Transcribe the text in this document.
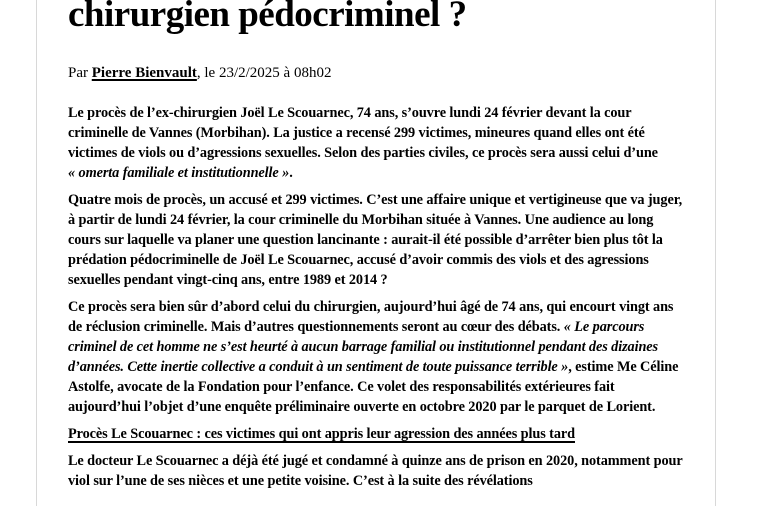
chirurgien pédocriminel ?
Par Pierre Bienvault, le 23/2/2025 à 08h02

Le procès de l’ex-chirurgien Joël Le Scouarnec, 74 ans, s’ouvre lundi 24 février devant la cour criminelle de Vannes (Morbihan). La justice a recensé 299 victimes, mineures quand elles ont été victimes de viols ou d’agressions sexuelles. Selon des parties civiles, ce procès sera aussi celui d’une « omerta familiale et institutionnelle ».

Quatre mois de procès, un accusé et 299 victimes. C’est une affaire unique et vertigineuse que va juger, à partir de lundi 24 février, la cour criminelle du Morbihan située à Vannes. Une audience au long cours sur laquelle va planer une question lancinante : aurait-il été possible d’arrêter bien plus tôt la prédation pédocriminelle de Joël Le Scouarnec, accusé d’avoir commis des viols et des agressions sexuelles pendant vingt-cinq ans, entre 1989 et 2014 ?

Ce procès sera bien sûr d’abord celui du chirurgien, aujourd’hui âgé de 74 ans, qui encourt vingt ans de réclusion criminelle. Mais d’autres questionnements seront au cœur des débats. « Le parcours criminel de cet homme ne s’est heurté à aucun barrage familial ou institutionnel pendant des dizaines d’années. Cette inertie collective a conduit à un sentiment de toute puissance terrible », estime Me Céline Astolfe, avocate de la Fondation pour l’enfance. Ce volet des responsabilités extérieures fait aujourd’hui l’objet d’une enquête préliminaire ouverte en octobre 2020 par le parquet de Lorient.

Procès Le Scouarnec : ces victimes qui ont appris leur agression des années plus tard

Le docteur Le Scouarnec a déjà été jugé et condamné à quinze ans de prison en 2020, notamment pour viol sur l’une de ses nièces et une petite voisine. C’est à la suite des révélations
